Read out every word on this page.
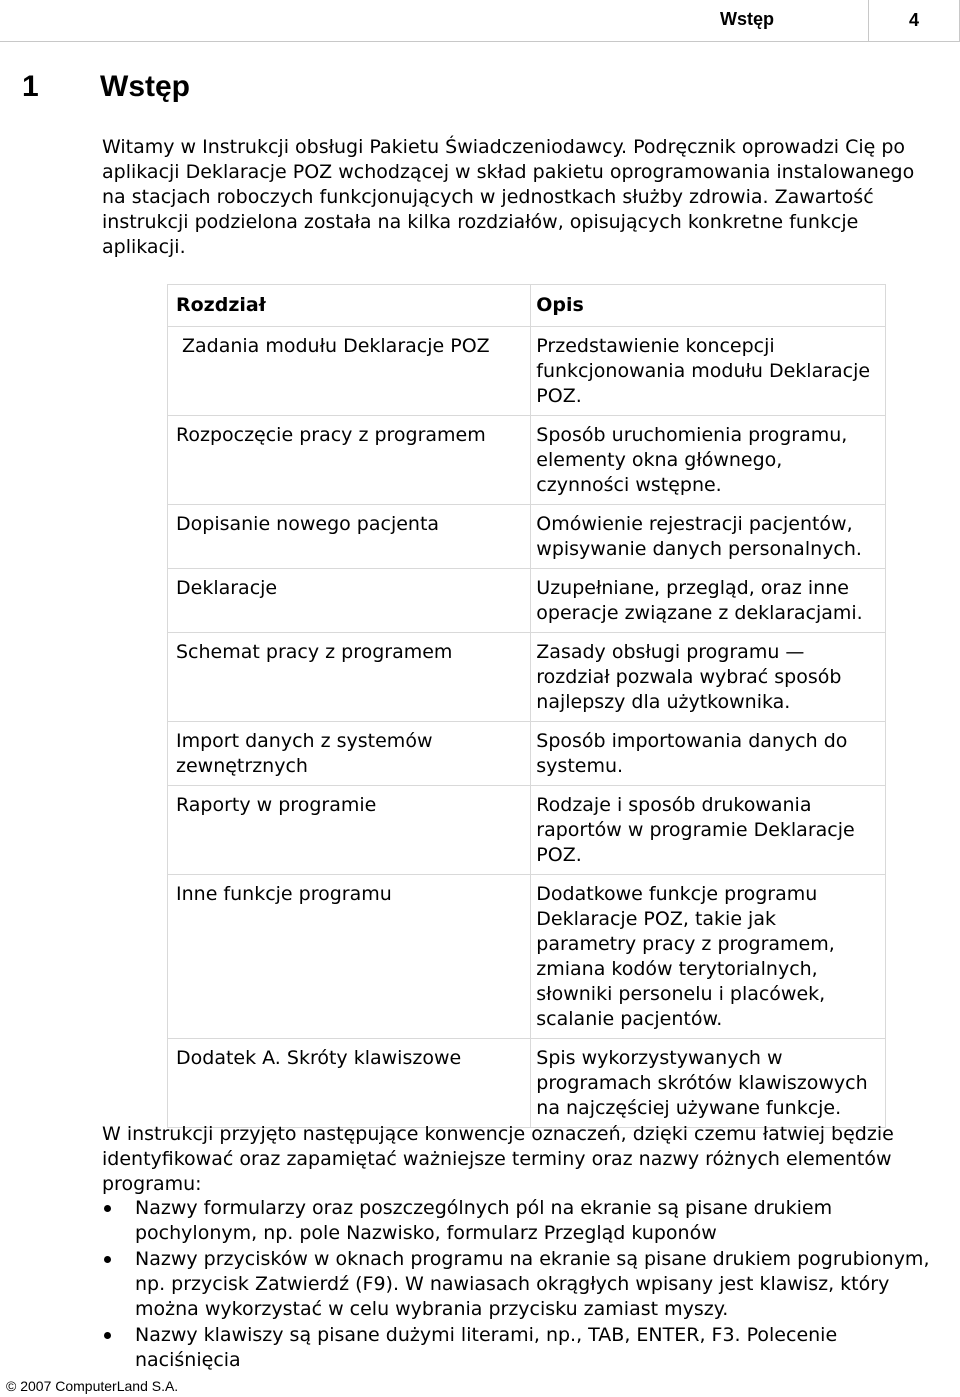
Wstęp	4
1 Wstęp

Witamy w Instrukcji obsługi Pakietu Świadczeniodawcy. Podręcznik oprowadzi Cię po aplikacji Deklaracje POZ wchodzącej w skład pakietu oprogramowania instalowanego na stacjach roboczych funkcjonujących w jednostkach służby zdrowia. Zawartość instrukcji podzielona została na kilka rozdziałów, opisujących konkretne funkcje aplikacji.

Rozdział	Opis
Zadania modułu Deklaracje POZ	Przedstawienie koncepcji funkcjonowania modułu Deklaracje POZ.
Rozpoczęcie pracy z programem	Sposób uruchomienia programu, elementy okna głównego, czynności wstępne.
Dopisanie nowego pacjenta	Omówienie rejestracji pacjentów, wpisywanie danych personalnych.
Deklaracje	Uzupełniane, przegląd, oraz inne operacje związane z deklaracjami.
Schemat pracy z programem	Zasady obsługi programu — rozdział pozwala wybrać sposób najlepszy dla użytkownika.
Import danych z systemów zewnętrznych	Sposób importowania danych do systemu.
Raporty w programie	Rodzaje i sposób drukowania raportów w programie Deklaracje POZ.
Inne funkcje programu	Dodatkowe funkcje programu Deklaracje POZ, takie jak parametry pracy z programem, zmiana kodów terytorialnych, słowniki personelu i placówek, scalanie pacjentów.
Dodatek A. Skróty klawiszowe	Spis wykorzystywanych w programach skrótów klawiszowych na najczęściej używane funkcje.

W instrukcji przyjęto następujące konwencje oznaczeń, dzięki czemu łatwiej będzie identyfikować oraz zapamiętać ważniejsze terminy oraz nazwy różnych elementów programu:

Nazwy formularzy oraz poszczególnych pól na ekranie są pisane drukiem pochylonym, np. pole Nazwisko, formularz Przegląd kuponów
Nazwy przycisków w oknach programu na ekranie są pisane drukiem pogrubionym, np. przycisk Zatwierdź (F9). W nawiasach okrągłych wpisany jest klawisz, który można wykorzystać w celu wybrania przycisku zamiast myszy.
Nazwy klawiszy są pisane dużymi literami, np., TAB, ENTER, F3. Polecenie naciśnięcia
© 2007 ComputerLand S.A.
